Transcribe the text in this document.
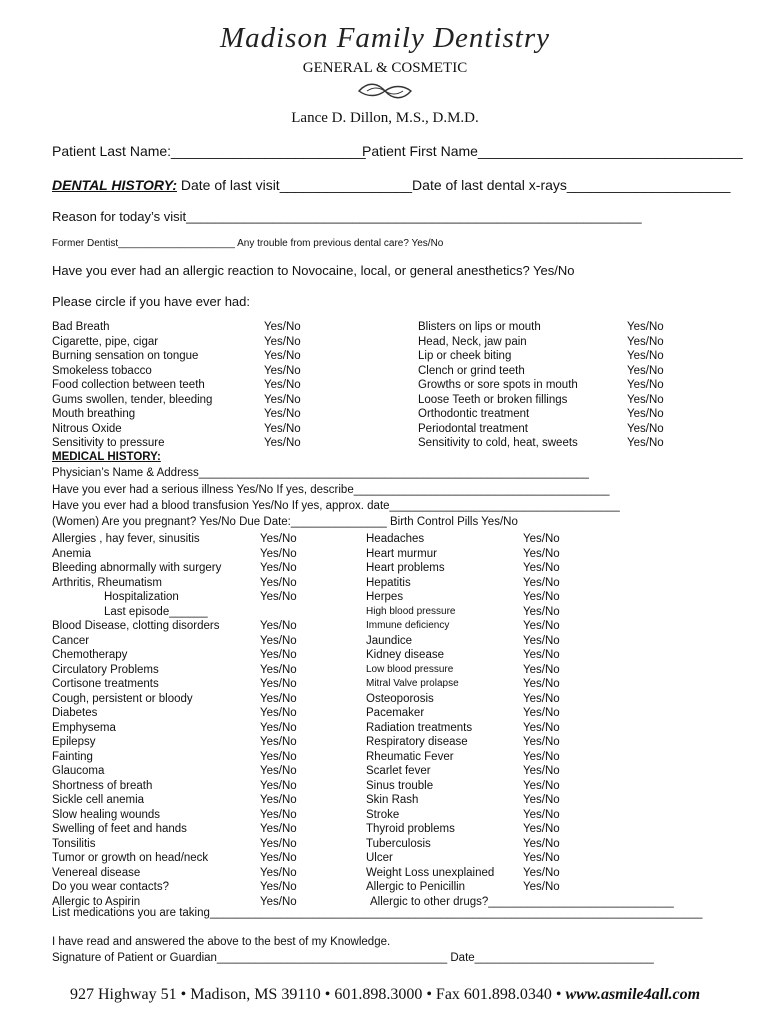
Madison Family Dentistry
GENERAL & COSMETIC
Lance D. Dillon, M.S., D.M.D.
Patient Last Name:_________________________
Patient First Name__________________________________
DENTAL HISTORY: Date of last visit_________________Date of last dental x-rays_____________________
Reason for today’s visit_______________________________________________________________
Former Dentist_____________________ Any trouble from previous dental care? Yes/No
Have you ever had an allergic reaction to Novocaine, local, or general anesthetics? Yes/No
Please circle if you have ever had:
Bad Breath
Cigarette, pipe, cigar
Burning sensation on tongue
Smokeless tobacco
Food collection between teeth
Gums swollen, tender, bleeding
Mouth breathing
Nitrous Oxide
Sensitivity to pressure
Yes/No
Yes/No
Yes/No
Yes/No
Yes/No
Yes/No
Yes/No
Yes/No
Yes/No
Blisters on lips or mouth
Head, Neck, jaw pain
Lip or cheek biting
Clench or grind teeth
Growths or sore spots in mouth
Loose Teeth or broken fillings
Orthodontic treatment
Periodontal treatment
Sensitivity to cold, heat, sweets
Yes/No
Yes/No
Yes/No
Yes/No
Yes/No
Yes/No
Yes/No
Yes/No
Yes/No
MEDICAL HISTORY:
Physician’s Name & Address_____________________________________________________________
Have you ever had a serious illness Yes/No If yes, describe________________________________________
Have you ever had a blood transfusion Yes/No If yes, approx. date____________________________________
(Women) Are you pregnant? Yes/No Due Date:_______________ Birth Control Pills Yes/No
Allergies , hay fever, sinusitis
Anemia
Bleeding abnormally with surgery
Arthritis, Rheumatism
Hospitalization
Last episode______
Blood Disease, clotting disorders
Cancer
Chemotherapy
Circulatory Problems
Cortisone treatments
Cough, persistent or bloody
Diabetes
Emphysema
Epilepsy
Fainting
Glaucoma
Shortness of breath
Sickle cell anemia
Slow healing wounds
Swelling of feet and hands
Tonsilitis
Tumor or growth on head/neck
Venereal disease
Do you wear contacts?
Allergic to Aspirin
Yes/No
Yes/No
Yes/No
Yes/No
Yes/No
Yes/No
Yes/No
Yes/No
Yes/No
Yes/No
Yes/No
Yes/No
Yes/No
Yes/No
Yes/No
Yes/No
Yes/No
Yes/No
Yes/No
Yes/No
Yes/No
Yes/No
Yes/No
Yes/No
Yes/No
Headaches
Heart murmur
Heart problems
Hepatitis
Herpes
High blood pressure
Immune deficiency
Jaundice
Kidney disease
Low blood pressure
Mitral Valve prolapse
Osteoporosis
Pacemaker
Radiation treatments
Respiratory disease
Rheumatic Fever
Scarlet fever
Sinus trouble
Skin Rash
Stroke
Thyroid problems
Tuberculosis
Ulcer
Weight Loss unexplained
Allergic to Penicillin
Allergic to other drugs?_____________________________
Yes/No
Yes/No
Yes/No
Yes/No
Yes/No
Yes/No
Yes/No
Yes/No
Yes/No
Yes/No
Yes/No
Yes/No
Yes/No
Yes/No
Yes/No
Yes/No
Yes/No
Yes/No
Yes/No
Yes/No
Yes/No
Yes/No
Yes/No
Yes/No
Yes/No
List medications you are taking_____________________________________________________________________________
I have read and answered the above to the best of my Knowledge.
Signature of Patient or Guardian____________________________________ Date____________________________
927 Highway 51 • Madison, MS 39110 • 601.898.3000 • Fax 601.898.0340 • www.asmile4all.com
